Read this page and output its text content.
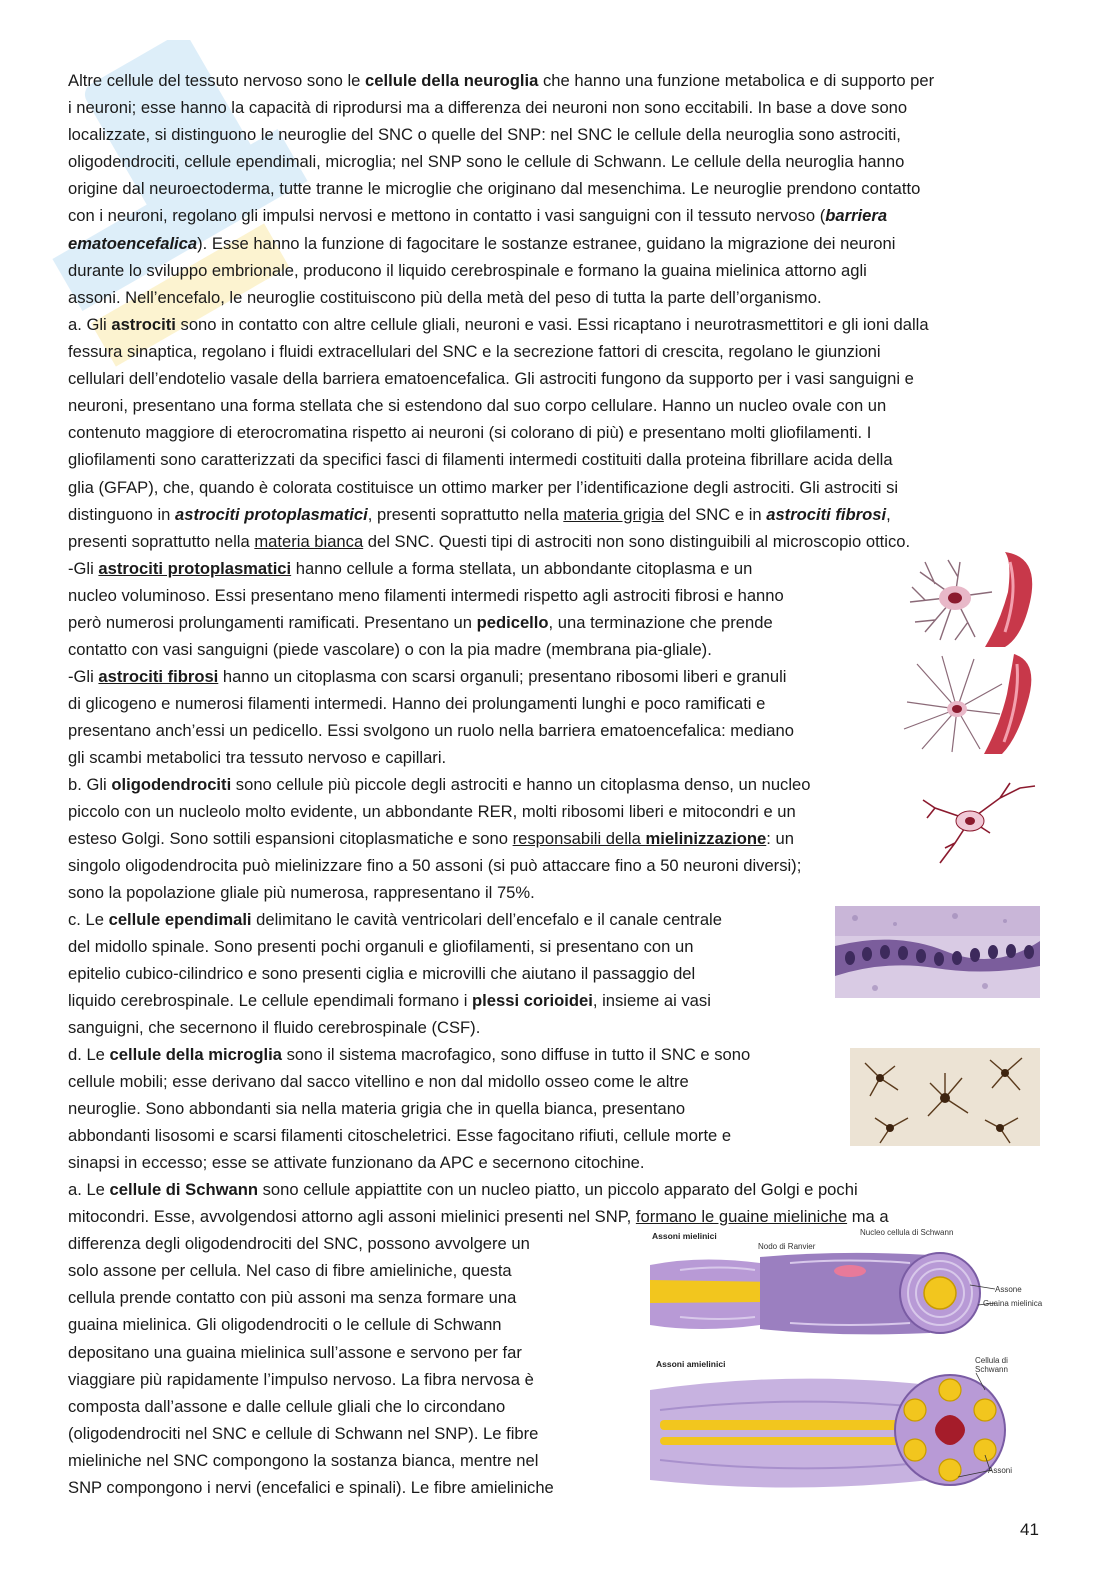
Altre cellule del tessuto nervoso sono le cellule della neuroglia che hanno una funzione metabolica e di supporto per
i neuroni; esse hanno la capacità di riprodursi ma a differenza dei neuroni non sono eccitabili. In base a dove sono
localizzate, si distinguono le neuroglie del SNC o quelle del SNP: nel SNC le cellule della neuroglia sono astrociti,
oligodendrociti, cellule ependimali, microglia; nel SNP sono le cellule di Schwann. Le cellule della neuroglia hanno
origine dal neuroectoderma, tutte tranne le microglie che originano dal mesenchima. Le neuroglie prendono contatto
con i neuroni, regolano gli impulsi nervosi e mettono in contatto i vasi sanguigni con il tessuto nervoso (barriera
ematoencefalica). Esse hanno la funzione di fagocitare le sostanze estranee, guidano la migrazione dei neuroni
durante lo sviluppo embrionale, producono il liquido cerebrospinale e formano la guaina mielinica attorno agli
assoni. Nell’encefalo, le neuroglie costituiscono più della metà del peso di tutta la parte dell’organismo.
a. Gli astrociti sono in contatto con altre cellule gliali, neuroni e vasi. Essi ricaptano i neurotrasmettitori e gli ioni dalla
fessura sinaptica, regolano i fluidi extracellulari del SNC e la secrezione fattori di crescita, regolano le giunzioni
cellulari dell’endotelio vasale della barriera ematoencefalica. Gli astrociti fungono da supporto per i vasi sanguigni e
neuroni, presentano una forma stellata che si estendono dal suo corpo cellulare. Hanno un nucleo ovale con un
contenuto maggiore di eterocromatina rispetto ai neuroni (si colorano di più) e presentano molti gliofilamenti. I
gliofilamenti sono caratterizzati da specifici fasci di filamenti intermedi costituiti dalla proteina fibrillare acida della
glia (GFAP), che, quando è colorata costituisce un ottimo marker per l’identificazione degli astrociti. Gli astrociti si
distinguono in astrociti protoplasmatici, presenti soprattutto nella materia grigia del SNC e in astrociti fibrosi,
presenti soprattutto nella materia bianca del SNC. Questi tipi di astrociti non sono distinguibili al microscopio ottico.
-Gli astrociti protoplasmatici hanno cellule a forma stellata, un abbondante citoplasma e un
nucleo voluminoso. Essi presentano meno filamenti intermedi rispetto agli astrociti fibrosi e hanno
però numerosi prolungamenti ramificati. Presentano un pedicello, una terminazione che prende
contatto con vasi sanguigni (piede vascolare) o con la pia madre (membrana pia-gliale).
-Gli astrociti fibrosi hanno un citoplasma con scarsi organuli; presentano ribosomi liberi e granuli
di glicogeno e numerosi filamenti intermedi. Hanno dei prolungamenti lunghi e poco ramificati e
presentano anch’essi un pedicello. Essi svolgono un ruolo nella barriera ematoencefalica: mediano
gli scambi metabolici tra tessuto nervoso e capillari.
b. Gli oligodendrociti sono cellule più piccole degli astrociti e hanno un citoplasma denso, un nucleo
piccolo con un nucleolo molto evidente, un abbondante RER, molti ribosomi liberi e mitocondri e un
esteso Golgi. Sono sottili espansioni citoplasmatiche e sono responsabili della mielinizzazione: un
singolo oligodendrocita può mielinizzare fino a 50 assoni (si può attaccare fino a 50 neuroni diversi);
sono la popolazione gliale più numerosa, rappresentano il 75%.
c. Le cellule ependimali delimitano le cavità ventricolari dell’encefalo e il canale centrale
del midollo spinale. Sono presenti pochi organuli e gliofilamenti, si presentano con un
epitelio cubico-cilindrico e sono presenti ciglia e microvilli che aiutano il passaggio del
liquido cerebrospinale. Le cellule ependimali formano i plessi corioidei, insieme ai vasi
sanguigni, che secernono il fluido cerebrospinale (CSF).
d. Le cellule della microglia sono il sistema macrofagico, sono diffuse in tutto il SNC e sono
cellule mobili; esse derivano dal sacco vitellino e non dal midollo osseo come le altre
neuroglie. Sono abbondanti sia nella materia grigia che in quella bianca, presentano
abbondanti lisosomi e scarsi filamenti citoscheletrici. Esse fagocitano rifiuti, cellule morte e
sinapsi in eccesso; esse se attivate funzionano da APC e secernono citochine.
a. Le cellule di Schwann sono cellule appiattite con un nucleo piatto, un piccolo apparato del Golgi e pochi
mitocondri. Esse, avvolgendosi attorno agli assoni mielinici presenti nel SNP, formano le guaine mieliniche ma a
differenza degli oligodendrociti del SNC, possono avvolgere un
solo assone per cellula. Nel caso di fibre amieliniche, questa
cellula prende contatto con più assoni ma senza formare una
guaina mielinica. Gli oligodendrociti o le cellule di Schwann
depositano una guaina mielinica sull’assone e servono per far
viaggiare più rapidamente l’impulso nervoso. La fibra nervosa è
composta dall’assone e dalle cellule gliali che lo circondano
(oligodendrociti nel SNC e cellule di Schwann nel SNP). Le fibre
mieliniche nel SNC compongono la sostanza bianca, mentre nel
SNP compongono i nervi (encefalici e spinali). Le fibre amieliniche
Assoni mielinici
Nodo di Ranvier
Nucleo cellula di Schwann
Assone
Guaina mielinica
Assoni amielinici	Cellula di
Schwann
Assoni
41
